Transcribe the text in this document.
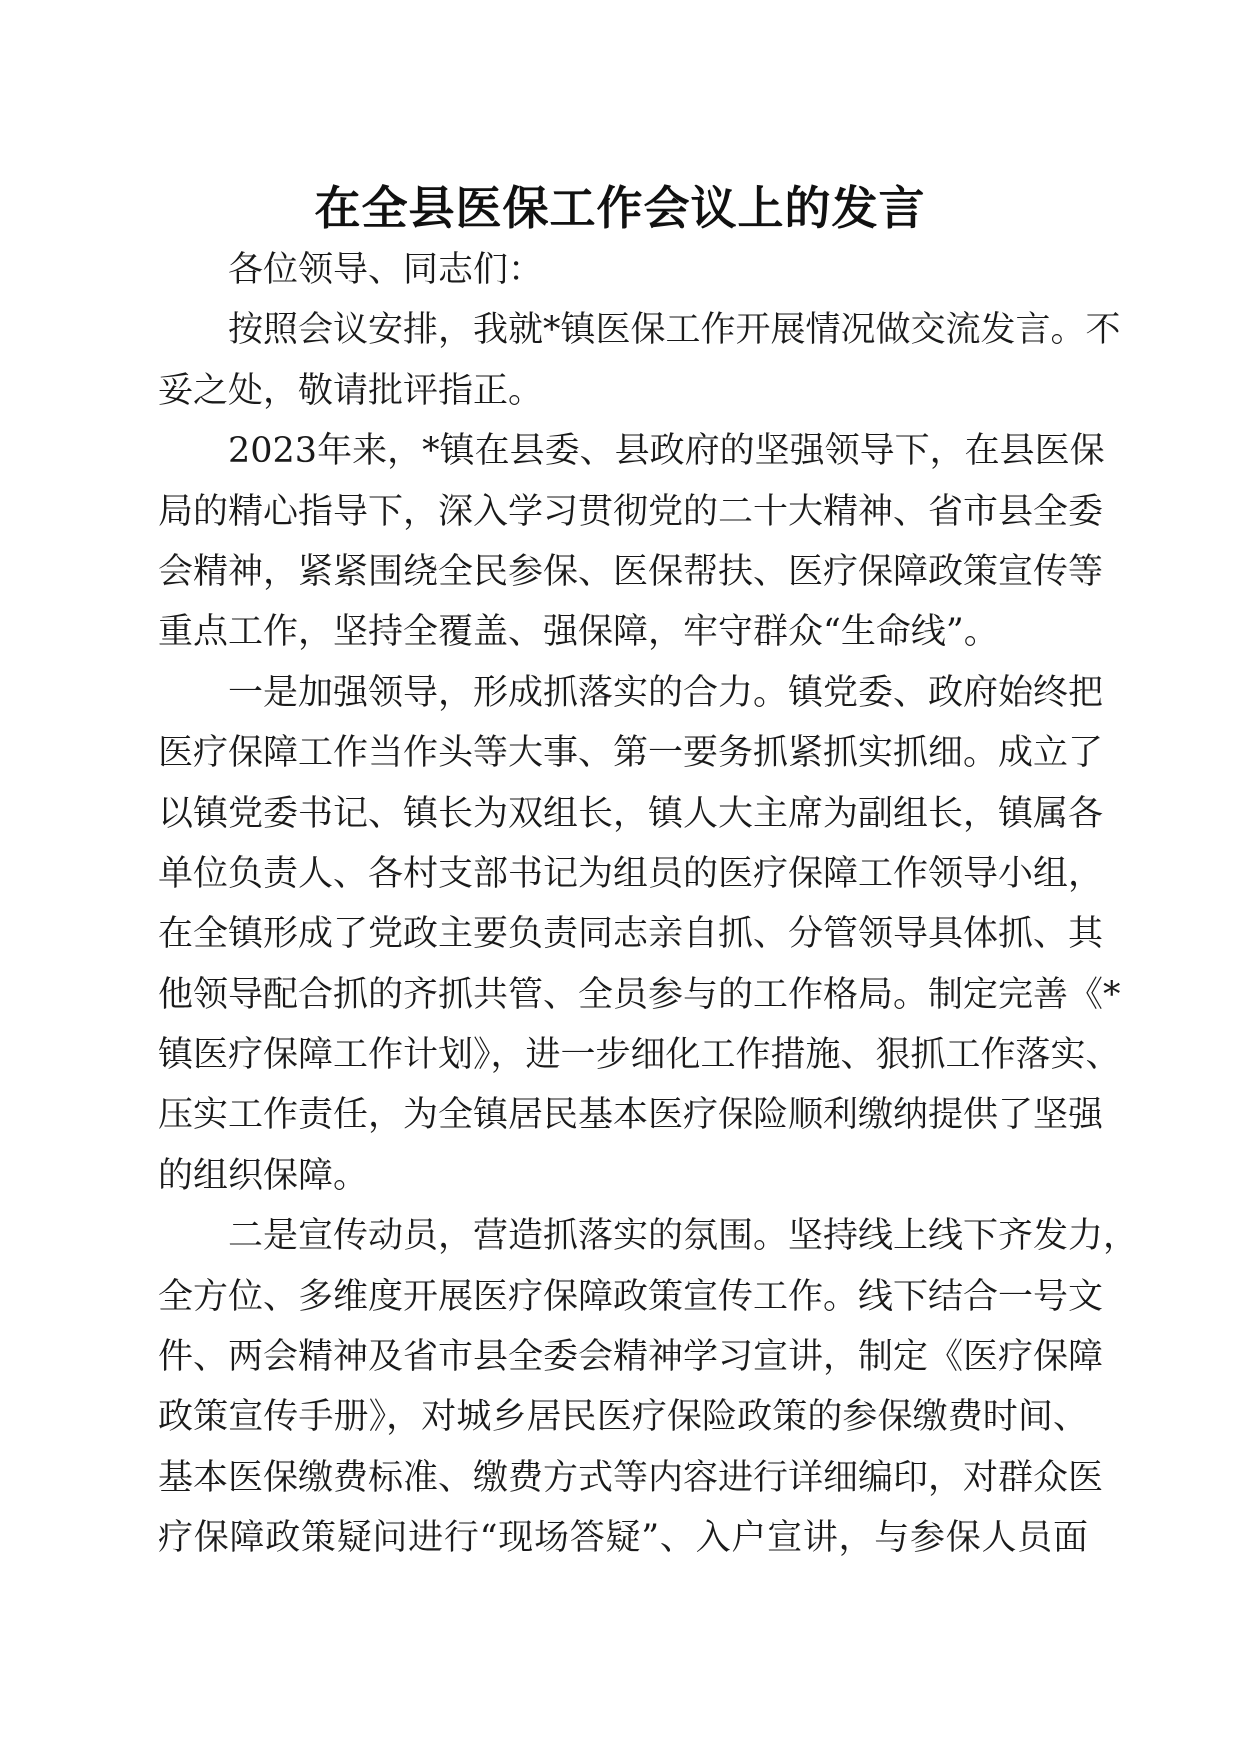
在全县医保工作会议上的发言
各位领导、同志们：
按照会议安排，我就*镇医保工作开展情况做交流发言。不
妥之处，敬请批评指正。
2023年来，*镇在县委、县政府的坚强领导下，在县医保
局的精心指导下，深入学习贯彻党的二十大精神、省市县全委
会精神，紧紧围绕全民参保、医保帮扶、医疗保障政策宣传等
重点工作，坚持全覆盖、强保障，牢守群众“生命线”。
一是加强领导，形成抓落实的合力。镇党委、政府始终把
医疗保障工作当作头等大事、第一要务抓紧抓实抓细。成立了
以镇党委书记、镇长为双组长，镇人大主席为副组长，镇属各
单位负责人、各村支部书记为组员的医疗保障工作领导小组，
在全镇形成了党政主要负责同志亲自抓、分管领导具体抓、其
他领导配合抓的齐抓共管、全员参与的工作格局。制定完善《*
镇医疗保障工作计划》，进一步细化工作措施、狠抓工作落实、
压实工作责任，为全镇居民基本医疗保险顺利缴纳提供了坚强
的组织保障。
二是宣传动员，营造抓落实的氛围。坚持线上线下齐发力，
全方位、多维度开展医疗保障政策宣传工作。线下结合一号文
件、两会精神及省市县全委会精神学习宣讲，制定《医疗保障
政策宣传手册》，对城乡居民医疗保险政策的参保缴费时间、
基本医保缴费标准、缴费方式等内容进行详细编印，对群众医
疗保障政策疑问进行“现场答疑”、入户宣讲，与参保人员面
